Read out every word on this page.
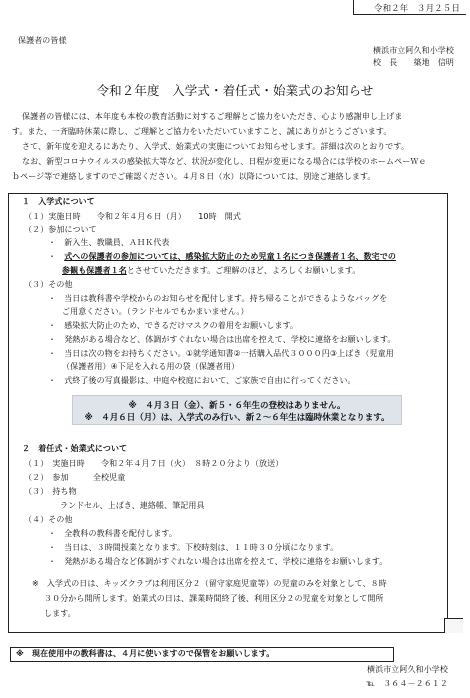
令和２年　３月２５日
保護者の皆様
横浜市立阿久和小学校
校　長　　築地　信明
令和２年度　入学式・着任式・始業式のお知らせ
保護者の皆様には、本年度も本校の教育活動に対するご理解とご協力をいただき、心より感謝申し上げま
す。また、一斉臨時休業に際し、ご理解とご協力をいただいていますこと、誠にありがとうございます。
さて、新年度を迎えるにあたり、入学式、始業式の実施についてお知らせします。詳細は次のとおりです。
なお、新型コロナウイルスの感染拡大等など、状況が変化し、日程が変更になる場合には学校のホームペーＷｅ
ｂページ等で連絡しますのでご確認ください。４月８日（水）以降については、別途ご連絡します。
１　入学式について
（１）実施日時　　令和２年４月６日（月）　　10時　開式
（２）参加について
・　新入生、教職員、ＡＨＫ代表
・　式への保護者の参加については、感染拡大防止のため児童１名につき保護者１名、数宅での
参観も保護者１名とさせていただきます。ご理解のほど、よろしくお願いします。
（３）その他
・　当日は教科書や学校からのお知らせを配付します。持ち帰ることができるようなバッグを
ご用意ください。（ランドセルでもかまいません。）
・　感染拡大防止のため、できるだけマスクの着用をお願いします。
・　発熱がある場合など、体調がすぐれない場合は出席を控えて、学校に連絡をお願いします。
・　当日は次の物をお持ちください。①就学通知書②一括購入品代３０００円③上ばき（児童用
（保護者用）④下足を入れる用の袋（保護者用）
・　式終了後の写真撮影は、中庭や校庭において、ご家族で自由に行ってください。
※　４月３日（金）、新５・６年生の登校はありません。
※　４月６日（月）は、入学式のみ行い、新２〜６年生は臨時休業となります。
２　着任式・始業式について
（１）　実施日時　　令和２年４月７日（火）　８時２０分より（放送）
（２）　参加　　　全校児童
（３）　持ち物
ランドセル、上ばき、連絡帳、筆記用具
（４）その他
・　全教科の教科書を配付します。
・　当日は、３時間授業となります。下校時刻は、１１時３０分頃になります。
・　発熱がある場合など体調がすぐれない場合は出席を控えて、学校に連絡をお願いします。
※　入学式の日は、キッズクラブは利用区分２（留守家庭児童等）の児童のみを対象として、８時
３０分から開所します。始業式の日は、課業時間終了後、利用区分２の児童を対象として開所
します。
※　現在使用中の教科書は、４月に使いますので保管をお願いします。
横浜市立阿久和小学校
℡　３６４－２６１２
